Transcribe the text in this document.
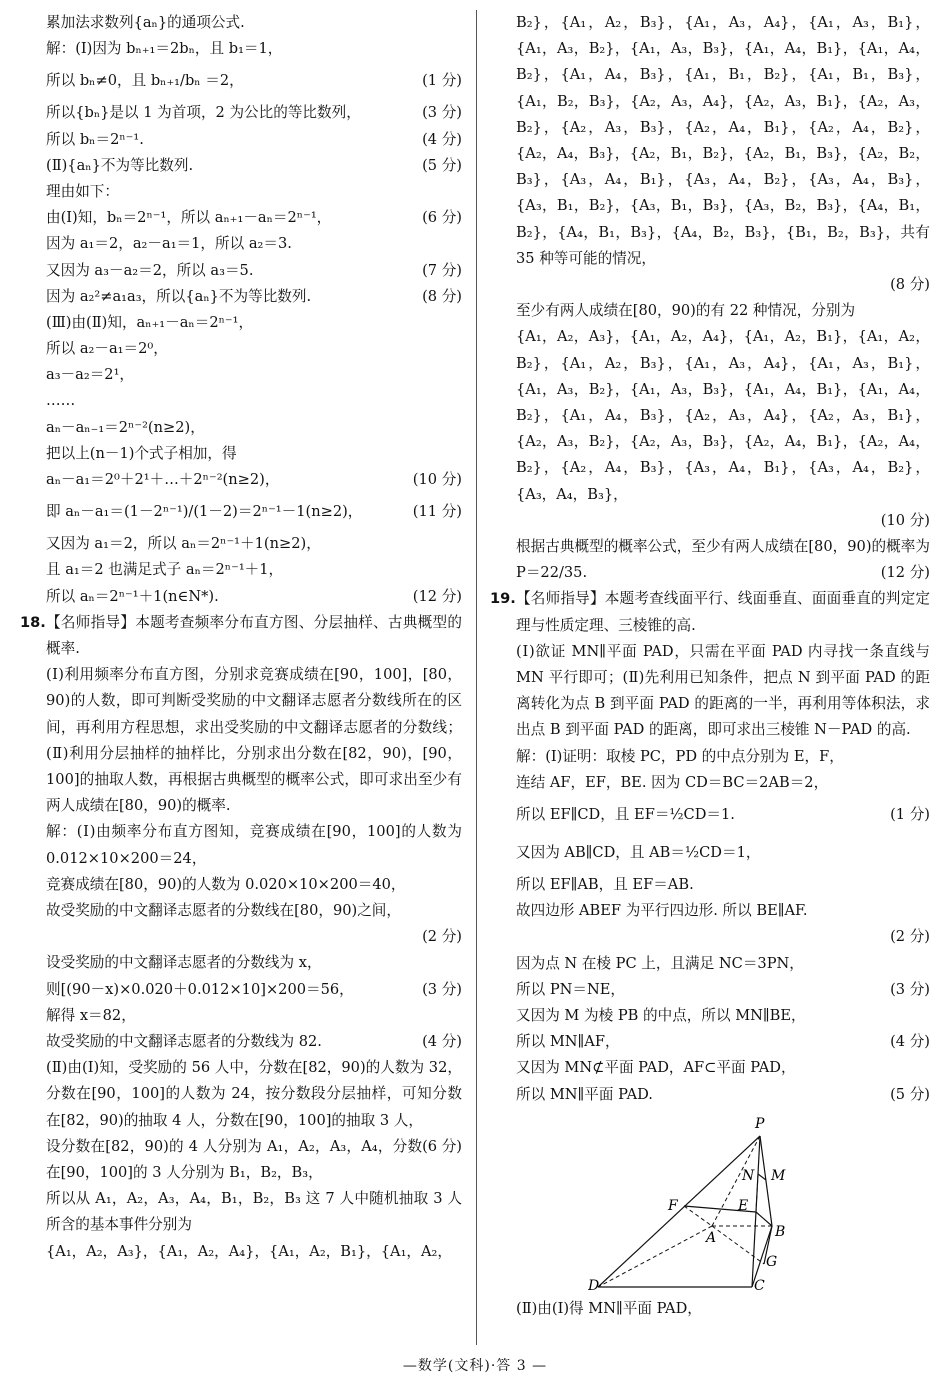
累加法求数列{aₙ}的通项公式.
解：(Ⅰ)因为 bₙ₊₁＝2bₙ，且 b₁＝1，
所以 bₙ≠0，且 bₙ₊₁/bₙ ＝2，	(1 分)
所以{bₙ}是以 1 为首项，2 为公比的等比数列，	(3 分)
所以 bₙ＝2ⁿ⁻¹.	(4 分)
(Ⅱ){aₙ}不为等比数列.	(5 分)
理由如下：
由(Ⅰ)知，bₙ＝2ⁿ⁻¹，所以 aₙ₊₁－aₙ＝2ⁿ⁻¹，	(6 分)
因为 a₁＝2，a₂－a₁＝1，所以 a₂＝3.
又因为 a₃－a₂＝2，所以 a₃＝5.	(7 分)
因为 a₂²≠a₁a₃，所以{aₙ}不为等比数列.	(8 分)
(Ⅲ)由(Ⅱ)知，aₙ₊₁－aₙ＝2ⁿ⁻¹，
所以 a₂－a₁＝2⁰，
a₃－a₂＝2¹，
……
aₙ－aₙ₋₁＝2ⁿ⁻²(n≥2)，
把以上(n－1)个式子相加，得
aₙ－a₁＝2⁰＋2¹＋…＋2ⁿ⁻²(n≥2)，	(10 分)
即 aₙ－a₁＝(1－2ⁿ⁻¹)/(1－2)＝2ⁿ⁻¹－1(n≥2)，	(11 分)
又因为 a₁＝2，所以 aₙ＝2ⁿ⁻¹＋1(n≥2)，
且 a₁＝2 也满足式子 aₙ＝2ⁿ⁻¹＋1，
所以 aₙ＝2ⁿ⁻¹＋1(n∈N*).	(12 分)
18. 【名师指导】本题考查频率分布直方图、分层抽样、古典概型的概率.
(Ⅰ)利用频率分布直方图，分别求竞赛成绩在[90，100]，[80，90)的人数，即可判断受奖励的中文翻译志愿者分数线所在的区间，再利用方程思想，求出受奖励的中文翻译志愿者的分数线；(Ⅱ)利用分层抽样的抽样比，分别求出分数在[82，90)，[90，100]的抽取人数，再根据古典概型的概率公式，即可求出至少有两人成绩在[80，90)的概率.
解：(Ⅰ)由频率分布直方图知，竞赛成绩在[90，100]的人数为 0.012×10×200＝24，
竞赛成绩在[80，90)的人数为 0.020×10×200＝40，
故受奖励的中文翻译志愿者的分数线在[80，90)之间，
(2 分)
设受奖励的中文翻译志愿者的分数线为 x，
则[(90－x)×0.020＋0.012×10]×200＝56，	(3 分)
解得 x＝82，
故受奖励的中文翻译志愿者的分数线为 82.	(4 分)
(Ⅱ)由(Ⅰ)知，受奖励的 56 人中，分数在[82，90)的人数为 32，分数在[90，100]的人数为 24，按分数段分层抽样，可知分数在[82，90)的抽取 4 人，分数在[90，100]的抽取 3 人，
(6 分)
设分数在[82，90)的 4 人分别为 A₁，A₂，A₃，A₄，分数在[90，100]的 3 人分别为 B₁，B₂，B₃，
所以从 A₁，A₂，A₃，A₄，B₁，B₂，B₃ 这 7 人中随机抽取 3 人所含的基本事件分别为
{A₁，A₂，A₃}，{A₁，A₂，A₄}，{A₁，A₂，B₁}，{A₁，A₂，
B₂}，{A₁，A₂，B₃}，{A₁，A₃，A₄}，{A₁，A₃，B₁}，{A₁，A₃，B₂}，{A₁，A₃，B₃}，{A₁，A₄，B₁}，{A₁，A₄，B₂}，{A₁，A₄，B₃}，{A₁，B₁，B₂}，{A₁，B₁，B₃}，{A₁，B₂，B₃}，{A₂，A₃，A₄}，{A₂，A₃，B₁}，{A₂，A₃，B₂}，{A₂，A₃，B₃}，{A₂，A₄，B₁}，{A₂，A₄，B₂}，{A₂，A₄，B₃}，{A₂，B₁，B₂}，{A₂，B₁，B₃}，{A₂，B₂，B₃}，{A₃，A₄，B₁}，{A₃，A₄，B₂}，{A₃，A₄，B₃}，{A₃，B₁，B₂}，{A₃，B₁，B₃}，{A₃，B₂，B₃}，{A₄，B₁，B₂}，{A₄，B₁，B₃}，{A₄，B₂，B₃}，{B₁，B₂，B₃}，共有 35 种等可能的情况，
(8 分)
至少有两人成绩在[80，90)的有 22 种情况，分别为
{A₁，A₂，A₃}，{A₁，A₂，A₄}，{A₁，A₂，B₁}，{A₁，A₂，B₂}，{A₁，A₂，B₃}，{A₁，A₃，A₄}，{A₁，A₃，B₁}，{A₁，A₃，B₂}，{A₁，A₃，B₃}，{A₁，A₄，B₁}，{A₁，A₄，B₂}，{A₁，A₄，B₃}，{A₂，A₃，A₄}，{A₂，A₃，B₁}，{A₂，A₃，B₂}，{A₂，A₃，B₃}，{A₂，A₄，B₁}，{A₂，A₄，B₂}，{A₂，A₄，B₃}，{A₃，A₄，B₁}，{A₃，A₄，B₂}，{A₃，A₄，B₃}，
(10 分)
根据古典概型的概率公式，至少有两人成绩在[80，90)的概率为 P＝22/35.	(12 分)
19. 【名师指导】本题考查线面平行、线面垂直、面面垂直的判定定理与性质定理、三棱锥的高.
(Ⅰ)欲证 MN∥平面 PAD，只需在平面 PAD 内寻找一条直线与 MN 平行即可；(Ⅱ)先利用已知条件，把点 N 到平面 PAD 的距离转化为点 B 到平面 PAD 的距离的一半，再利用等体积法，求出点 B 到平面 PAD 的距离，即可求出三棱锥 N－PAD 的高.
解：(Ⅰ)证明：取棱 PC，PD 的中点分别为 E，F，
连结 AF，EF，BE. 因为 CD＝BC＝2AB＝2，
所以 EF∥CD，且 EF＝½CD＝1.	(1 分)
又因为 AB∥CD，且 AB＝½CD＝1，
所以 EF∥AB，且 EF＝AB.
故四边形 ABEF 为平行四边形. 所以 BE∥AF.
(2 分)
因为点 N 在棱 PC 上，且满足 NC＝3PN，
所以 PN＝NE，	(3 分)
又因为 M 为棱 PB 的中点，所以 MN∥BE，
所以 MN∥AF，	(4 分)
又因为 MN⊄平面 PAD，AF⊂平面 PAD，
所以 MN∥平面 PAD.	(5 分)
P
N M
F	E
A	B
G
D	C
(Ⅱ)由(Ⅰ)得 MN∥平面 PAD，
—数学(文科)·答 3 —
